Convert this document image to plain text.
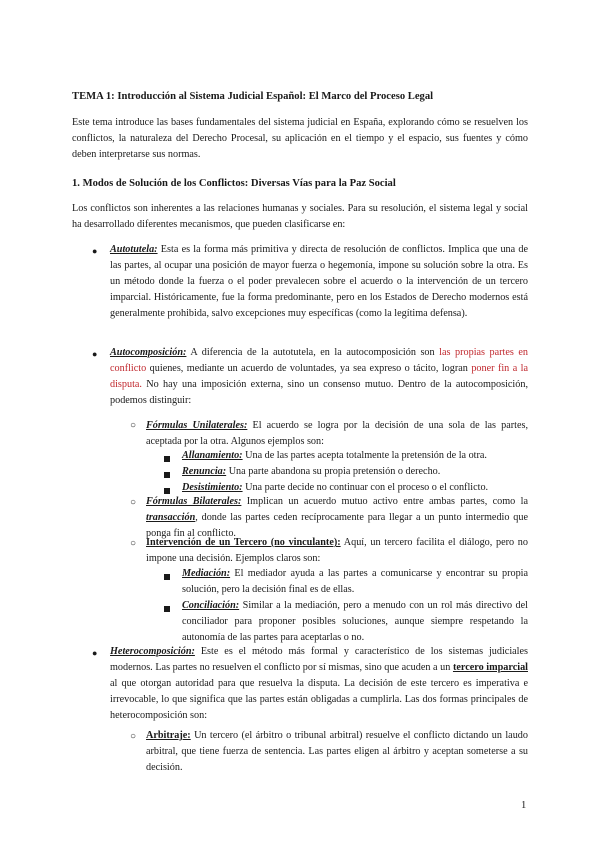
TEMA 1: Introducción al Sistema Judicial Español: El Marco del Proceso Legal
Este tema introduce las bases fundamentales del sistema judicial en España, explorando cómo se resuelven los conflictos, la naturaleza del Derecho Procesal, su aplicación en el tiempo y el espacio, sus fuentes y cómo deben interpretarse sus normas.
1. Modos de Solución de los Conflictos: Diversas Vías para la Paz Social
Los conflictos son inherentes a las relaciones humanas y sociales. Para su resolución, el sistema legal y social ha desarrollado diferentes mecanismos, que pueden clasificarse en:
● Autotutela: Esta es la forma más primitiva y directa de resolución de conflictos. Implica que una de las partes, al ocupar una posición de mayor fuerza o hegemonía, impone su solución sobre la otra. Es un método donde la fuerza o el poder prevalecen sobre el acuerdo o la intervención de un tercero imparcial. Históricamente, fue la forma predominante, pero en los Estados de Derecho modernos está generalmente prohibida, salvo excepciones muy específicas (como la legítima defensa).
● Autocomposición: A diferencia de la autotutela, en la autocomposición son las propias partes en conflicto quienes, mediante un acuerdo de voluntades, ya sea expreso o tácito, logran poner fin a la disputa. No hay una imposición externa, sino un consenso mutuo. Dentro de la autocomposición, podemos distinguir:
○ Fórmulas Unilaterales: El acuerdo se logra por la decisión de una sola de las partes, aceptada por la otra. Algunos ejemplos son:
Allanamiento: Una de las partes acepta totalmente la pretensión de la otra.
Renuncia: Una parte abandona su propia pretensión o derecho.
Desistimiento: Una parte decide no continuar con el proceso o el conflicto.
○ Fórmulas Bilaterales: Implican un acuerdo mutuo activo entre ambas partes, como la transacción, donde las partes ceden recíprocamente para llegar a un punto intermedio que ponga fin al conflicto.
○ Intervención de un Tercero (no vinculante): Aquí, un tercero facilita el diálogo, pero no impone una decisión. Ejemplos claros son:
Mediación: El mediador ayuda a las partes a comunicarse y encontrar su propia solución, pero la decisión final es de ellas.
Conciliación: Similar a la mediación, pero a menudo con un rol más directivo del conciliador para proponer posibles soluciones, aunque siempre respetando la autonomía de las partes para aceptarlas o no.
● Heterocomposición: Este es el método más formal y característico de los sistemas judiciales modernos. Las partes no resuelven el conflicto por sí mismas, sino que acuden a un tercero imparcial al que otorgan autoridad para que resuelva la disputa. La decisión de este tercero es imperativa e irrevocable, lo que significa que las partes están obligadas a cumplirla. Las dos formas principales de heterocomposición son:
○ Arbitraje: Un tercero (el árbitro o tribunal arbitral) resuelve el conflicto dictando un laudo arbitral, que tiene fuerza de sentencia. Las partes eligen al árbitro y aceptan someterse a su decisión.
1
